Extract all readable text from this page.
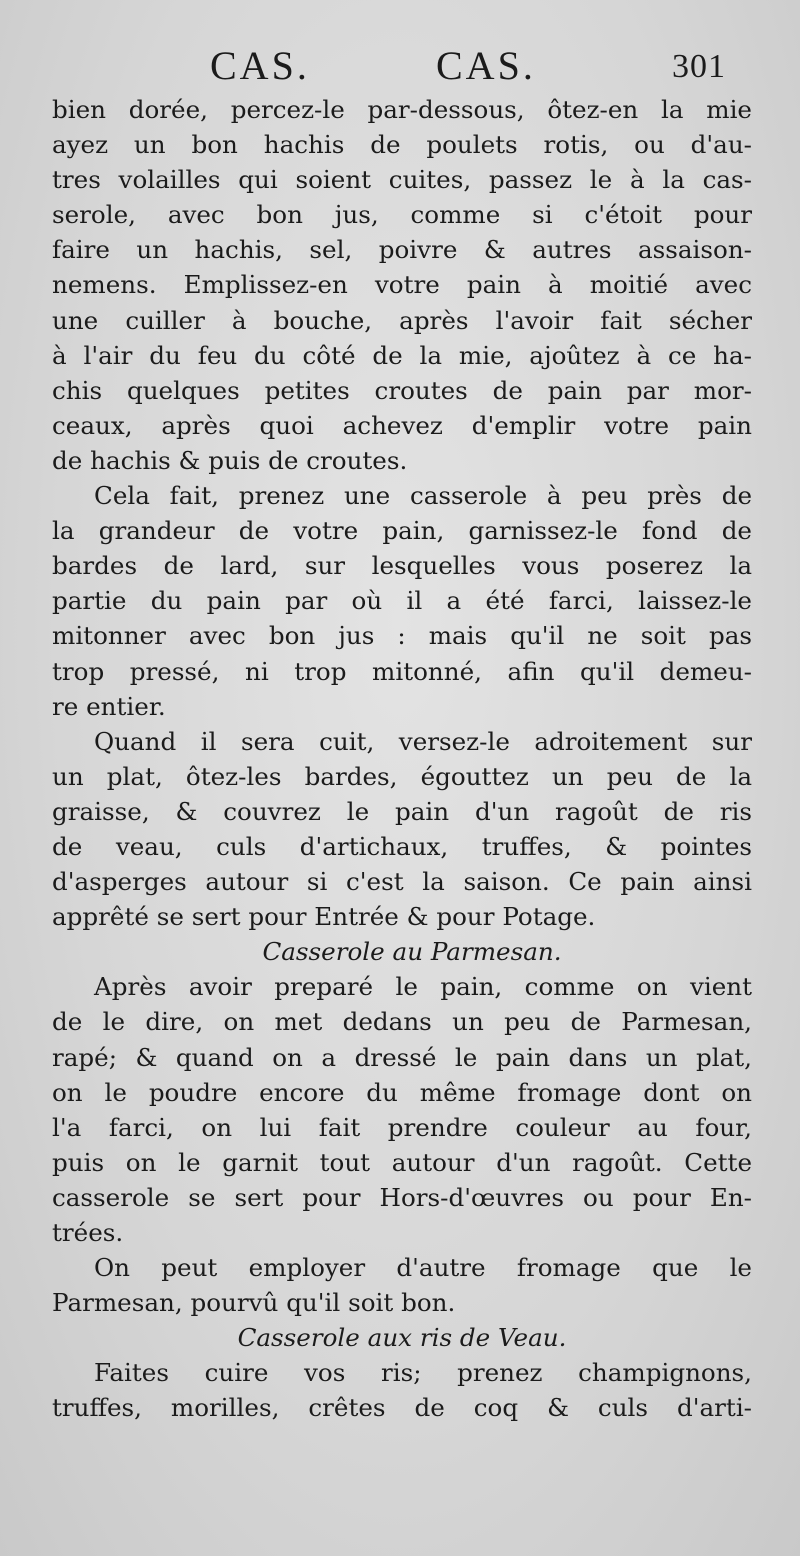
CAS.	CAS.	301
bien dorée, percez-le par-dessous, ôtez-en la mie
ayez un bon hachis de poulets rotis, ou d'au-
tres volailles qui soient cuites, passez le à la cas-
serole, avec bon jus, comme si c'étoit pour
faire un hachis, sel, poivre & autres assaison-
nemens. Emplissez-en votre pain à moitié avec
une cuiller à bouche, après l'avoir fait sécher
à l'air du feu du côté de la mie, ajoûtez à ce ha-
chis quelques petites croutes de pain par mor-
ceaux, après quoi achevez d'emplir votre pain
de hachis & puis de croutes.
Cela fait, prenez une casserole à peu près de
la grandeur de votre pain, garnissez-le fond de
bardes de lard, sur lesquelles vous poserez la
partie du pain par où il a été farci, laissez-le
mitonner avec bon jus : mais qu'il ne soit pas
trop pressé, ni trop mitonné, afin qu'il demeu-
re entier.
Quand il sera cuit, versez-le adroitement sur
un plat, ôtez-les bardes, égouttez un peu de la
graisse, & couvrez le pain d'un ragoût de ris
de veau, culs d'artichaux, truffes, & pointes
d'asperges autour si c'est la saison. Ce pain ainsi
apprêté se sert pour Entrée & pour Potage.
Casserole au Parmesan.
Après avoir preparé le pain, comme on vient
de le dire, on met dedans un peu de Parmesan,
rapé; & quand on a dressé le pain dans un plat,
on le poudre encore du même fromage dont on
l'a farci, on lui fait prendre couleur au four,
puis on le garnit tout autour d'un ragoût. Cette
casserole se sert pour Hors-d'œuvres ou pour En-
trées.
On peut employer d'autre fromage que le
Parmesan, pourvû qu'il soit bon.
Casserole aux ris de Veau.
Faites cuire vos ris; prenez champignons,
truffes, morilles, crêtes de coq & culs d'arti-
